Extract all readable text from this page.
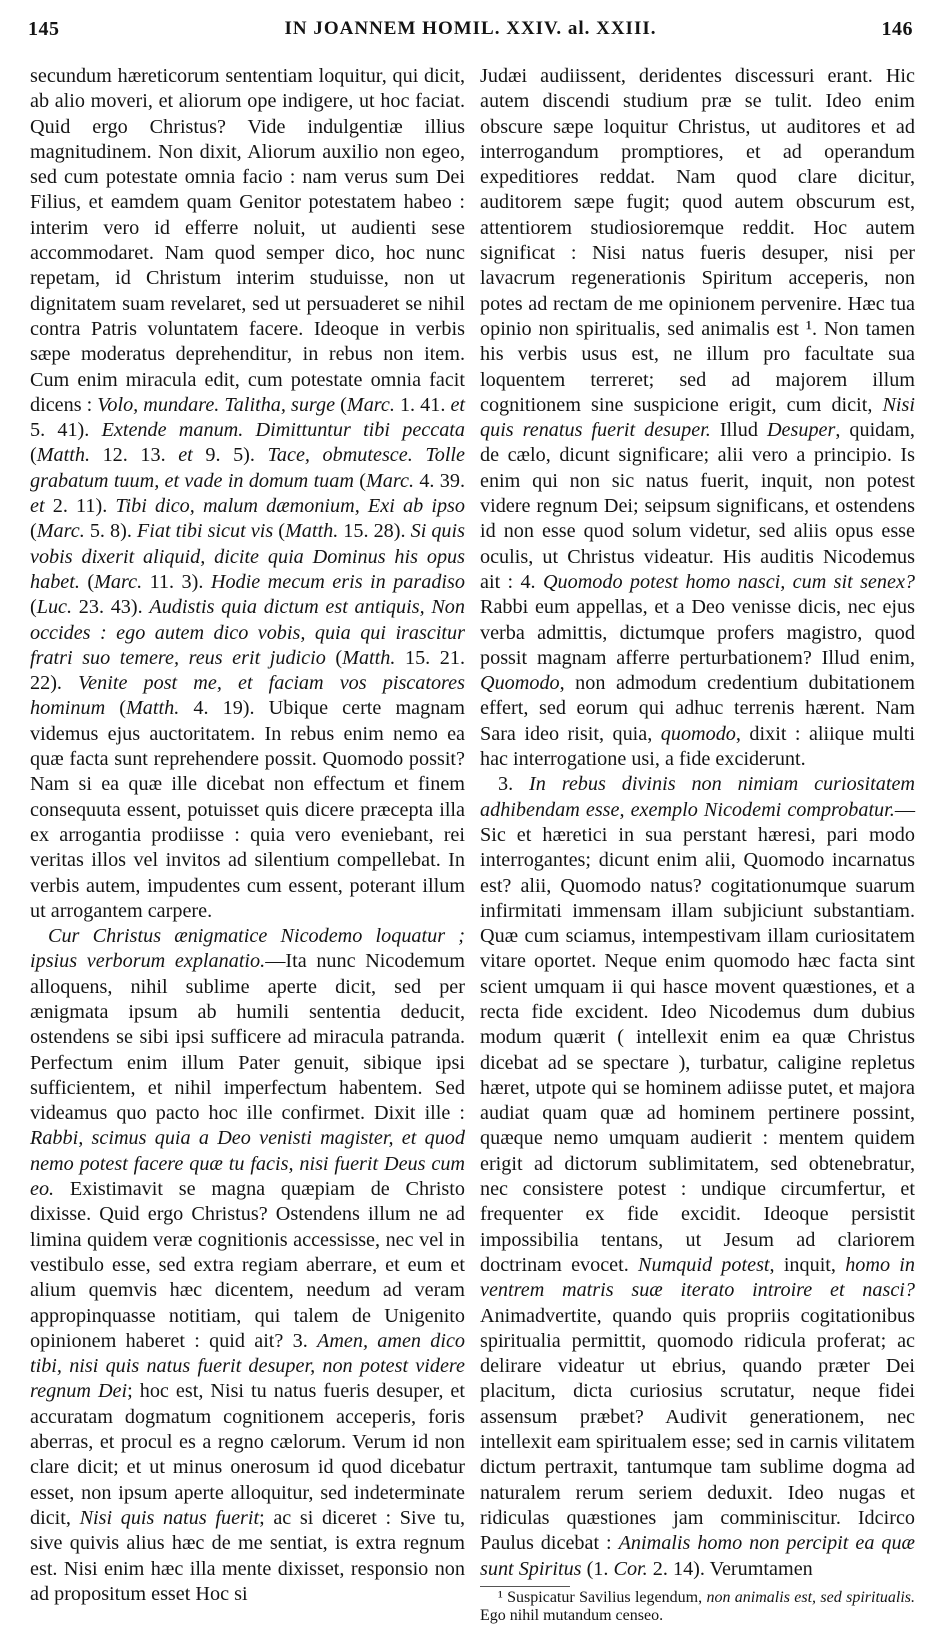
145	IN JOANNEM HOMIL. XXIV. al. XXIII.	146

secundum hæreticorum sententiam loquitur, qui dicit, ab alio moveri, et aliorum ope indigere, ut hoc faciat. Quid ergo Christus? Vide indulgentiæ illius magnitudinem. Non dixit, Aliorum auxilio non egeo, sed cum potestate omnia facio : nam verus sum Dei Filius, et eamdem quam Genitor potestatem habeo : interim vero id efferre noluit, ut audienti sese accommodaret. Nam quod semper dico, hoc nunc repetam, id Christum interim studuisse, non ut dignitatem suam revelaret, sed ut persuaderet se nihil contra Patris voluntatem facere. Ideoque in verbis sæpe moderatus deprehenditur, in rebus non item. Cum enim miracula edit, cum potestate omnia facit dicens : Volo, mundare. Talitha, surge (Marc. 1. 41. et 5. 41). Extende manum. Dimittuntur tibi peccata (Matth. 12. 13. et 9. 5). Tace, obmutesce. Tolle grabatum tuum, et vade in domum tuam (Marc. 4. 39. et 2. 11). Tibi dico, malum dæmonium, Exi ab ipso (Marc. 5. 8). Fiat tibi sicut vis (Matth. 15. 28). Si quis vobis dixerit aliquid, dicite quia Dominus his opus habet. (Marc. 11. 3). Hodie mecum eris in paradiso (Luc. 23. 43). Audistis quia dictum est antiquis, Non occides : ego autem dico vobis, quia qui irascitur fratri suo temere, reus erit judicio (Matth. 15. 21. 22). Venite post me, et faciam vos piscatores hominum (Matth. 4. 19). Ubique certe magnam videmus ejus auctoritatem. In rebus enim nemo ea quæ facta sunt reprehendere possit. Quomodo possit? Nam si ea quæ ille dicebat non effectum et finem consequuta essent, potuisset quis dicere præcepta illa ex arrogantia prodiisse : quia vero eveniebant, rei veritas illos vel invitos ad silentium compellebat. In verbis autem, impudentes cum essent, poterant illum ut arrogantem carpere.

Cur Christus ænigmatice Nicodemo loquatur ; ipsius verborum explanatio.—Ita nunc Nicodemum alloquens, nihil sublime aperte dicit, sed per ænigmata ipsum ab humili sententia deducit, ostendens se sibi ipsi sufficere ad miracula patranda. Perfectum enim illum Pater genuit, sibique ipsi sufficientem, et nihil imperfectum habentem. Sed videamus quo pacto hoc ille confirmet. Dixit ille : Rabbi, scimus quia a Deo venisti magister, et quod nemo potest facere quæ tu facis, nisi fuerit Deus cum eo. Existimavit se magna quæpiam de Christo dixisse. Quid ergo Christus? Ostendens illum ne ad limina quidem veræ cognitionis accessisse, nec vel in vestibulo esse, sed extra regiam aberrare, et eum et alium quemvis hæc dicentem, needum ad veram appropinquasse notitiam, qui talem de Unigenito opinionem haberet : quid ait? 3. Amen, amen dico tibi, nisi quis natus fuerit desuper, non potest videre regnum Dei; hoc est, Nisi tu natus fueris desuper, et accuratam dogmatum cognitionem acceperis, foris aberras, et procul es a regno cælorum. Verum id non clare dicit; et ut minus onerosum id quod dicebatur esset, non ipsum aperte alloquitur, sed indeterminate dicit, Nisi quis natus fuerit; ac si diceret : Sive tu, sive quivis alius hæc de me sentiat, is extra regnum est. Nisi enim hæc illa mente dixisset, responsio non ad propositum esset Hoc si

Judæi audiissent, deridentes discessuri erant. Hic autem discendi studium præ se tulit. Ideo enim obscure sæpe loquitur Christus, ut auditores et ad interrogandum promptiores, et ad operandum expeditiores reddat. Nam quod clare dicitur, auditorem sæpe fugit; quod autem obscurum est, attentiorem studiosioremque reddit. Hoc autem significat : Nisi natus fueris desuper, nisi per lavacrum regenerationis Spiritum acceperis, non potes ad rectam de me opinionem pervenire. Hæc tua opinio non spiritualis, sed animalis est ¹. Non tamen his verbis usus est, ne illum pro facultate sua loquentem terreret; sed ad majorem illum cognitionem sine suspicione erigit, cum dicit, Nisi quis renatus fuerit desuper. Illud Desuper, quidam, de cælo, dicunt significare; alii vero a principio. Is enim qui non sic natus fuerit, inquit, non potest videre regnum Dei; seipsum significans, et ostendens id non esse quod solum videtur, sed aliis opus esse oculis, ut Christus videatur. His auditis Nicodemus ait : 4. Quomodo potest homo nasci, cum sit senex? Rabbi eum appellas, et a Deo venisse dicis, nec ejus verba admittis, dictumque profers magistro, quod possit magnam afferre perturbationem? Illud enim, Quomodo, non admodum credentium dubitationem effert, sed eorum qui adhuc terrenis hærent. Nam Sara ideo risit, quia, quomodo, dixit : aliique multi hac interrogatione usi, a fide exciderunt.

3. In rebus divinis non nimiam curiositatem adhibendam esse, exemplo Nicodemi comprobatur.—Sic et hæretici in sua perstant hæresi, pari modo interrogantes; dicunt enim alii, Quomodo incarnatus est? alii, Quomodo natus? cogitationumque suarum infirmitati immensam illam subjiciunt substantiam. Quæ cum sciamus, intempestivam illam curiositatem vitare oportet. Neque enim quomodo hæc facta sint scient umquam ii qui hasce movent quæstiones, et a recta fide excident. Ideo Nicodemus dum dubius modum quærit ( intellexit enim ea quæ Christus dicebat ad se spectare ), turbatur, caligine repletus hæret, utpote qui se hominem adiisse putet, et majora audiat quam quæ ad hominem pertinere possint, quæque nemo umquam audierit : mentem quidem erigit ad dictorum sublimitatem, sed obtenebratur, nec consistere potest : undique circumfertur, et frequenter ex fide excidit. Ideoque persistit impossibilia tentans, ut Jesum ad clariorem doctrinam evocet. Numquid potest, inquit, homo in ventrem matris suæ iterato introire et nasci? Animadvertite, quando quis propriis cogitationibus spiritualia permittit, quomodo ridicula proferat; ac delirare videatur ut ebrius, quando præter Dei placitum, dicta curiosius scrutatur, neque fidei assensum præbet? Audivit generationem, nec intellexit eam spiritualem esse; sed in carnis vilitatem dictum pertraxit, tantumque tam sublime dogma ad naturalem rerum seriem deduxit. Ideo nugas et ridiculas quæstiones jam comminiscitur. Idcirco Paulus dicebat : Animalis homo non percipit ea quæ sunt Spiritus (1. Cor. 2. 14). Verumtamen

¹ Suspicatur Savilius legendum, non animalis est, sed spiritualis. Ego nihil mutandum censeo.
